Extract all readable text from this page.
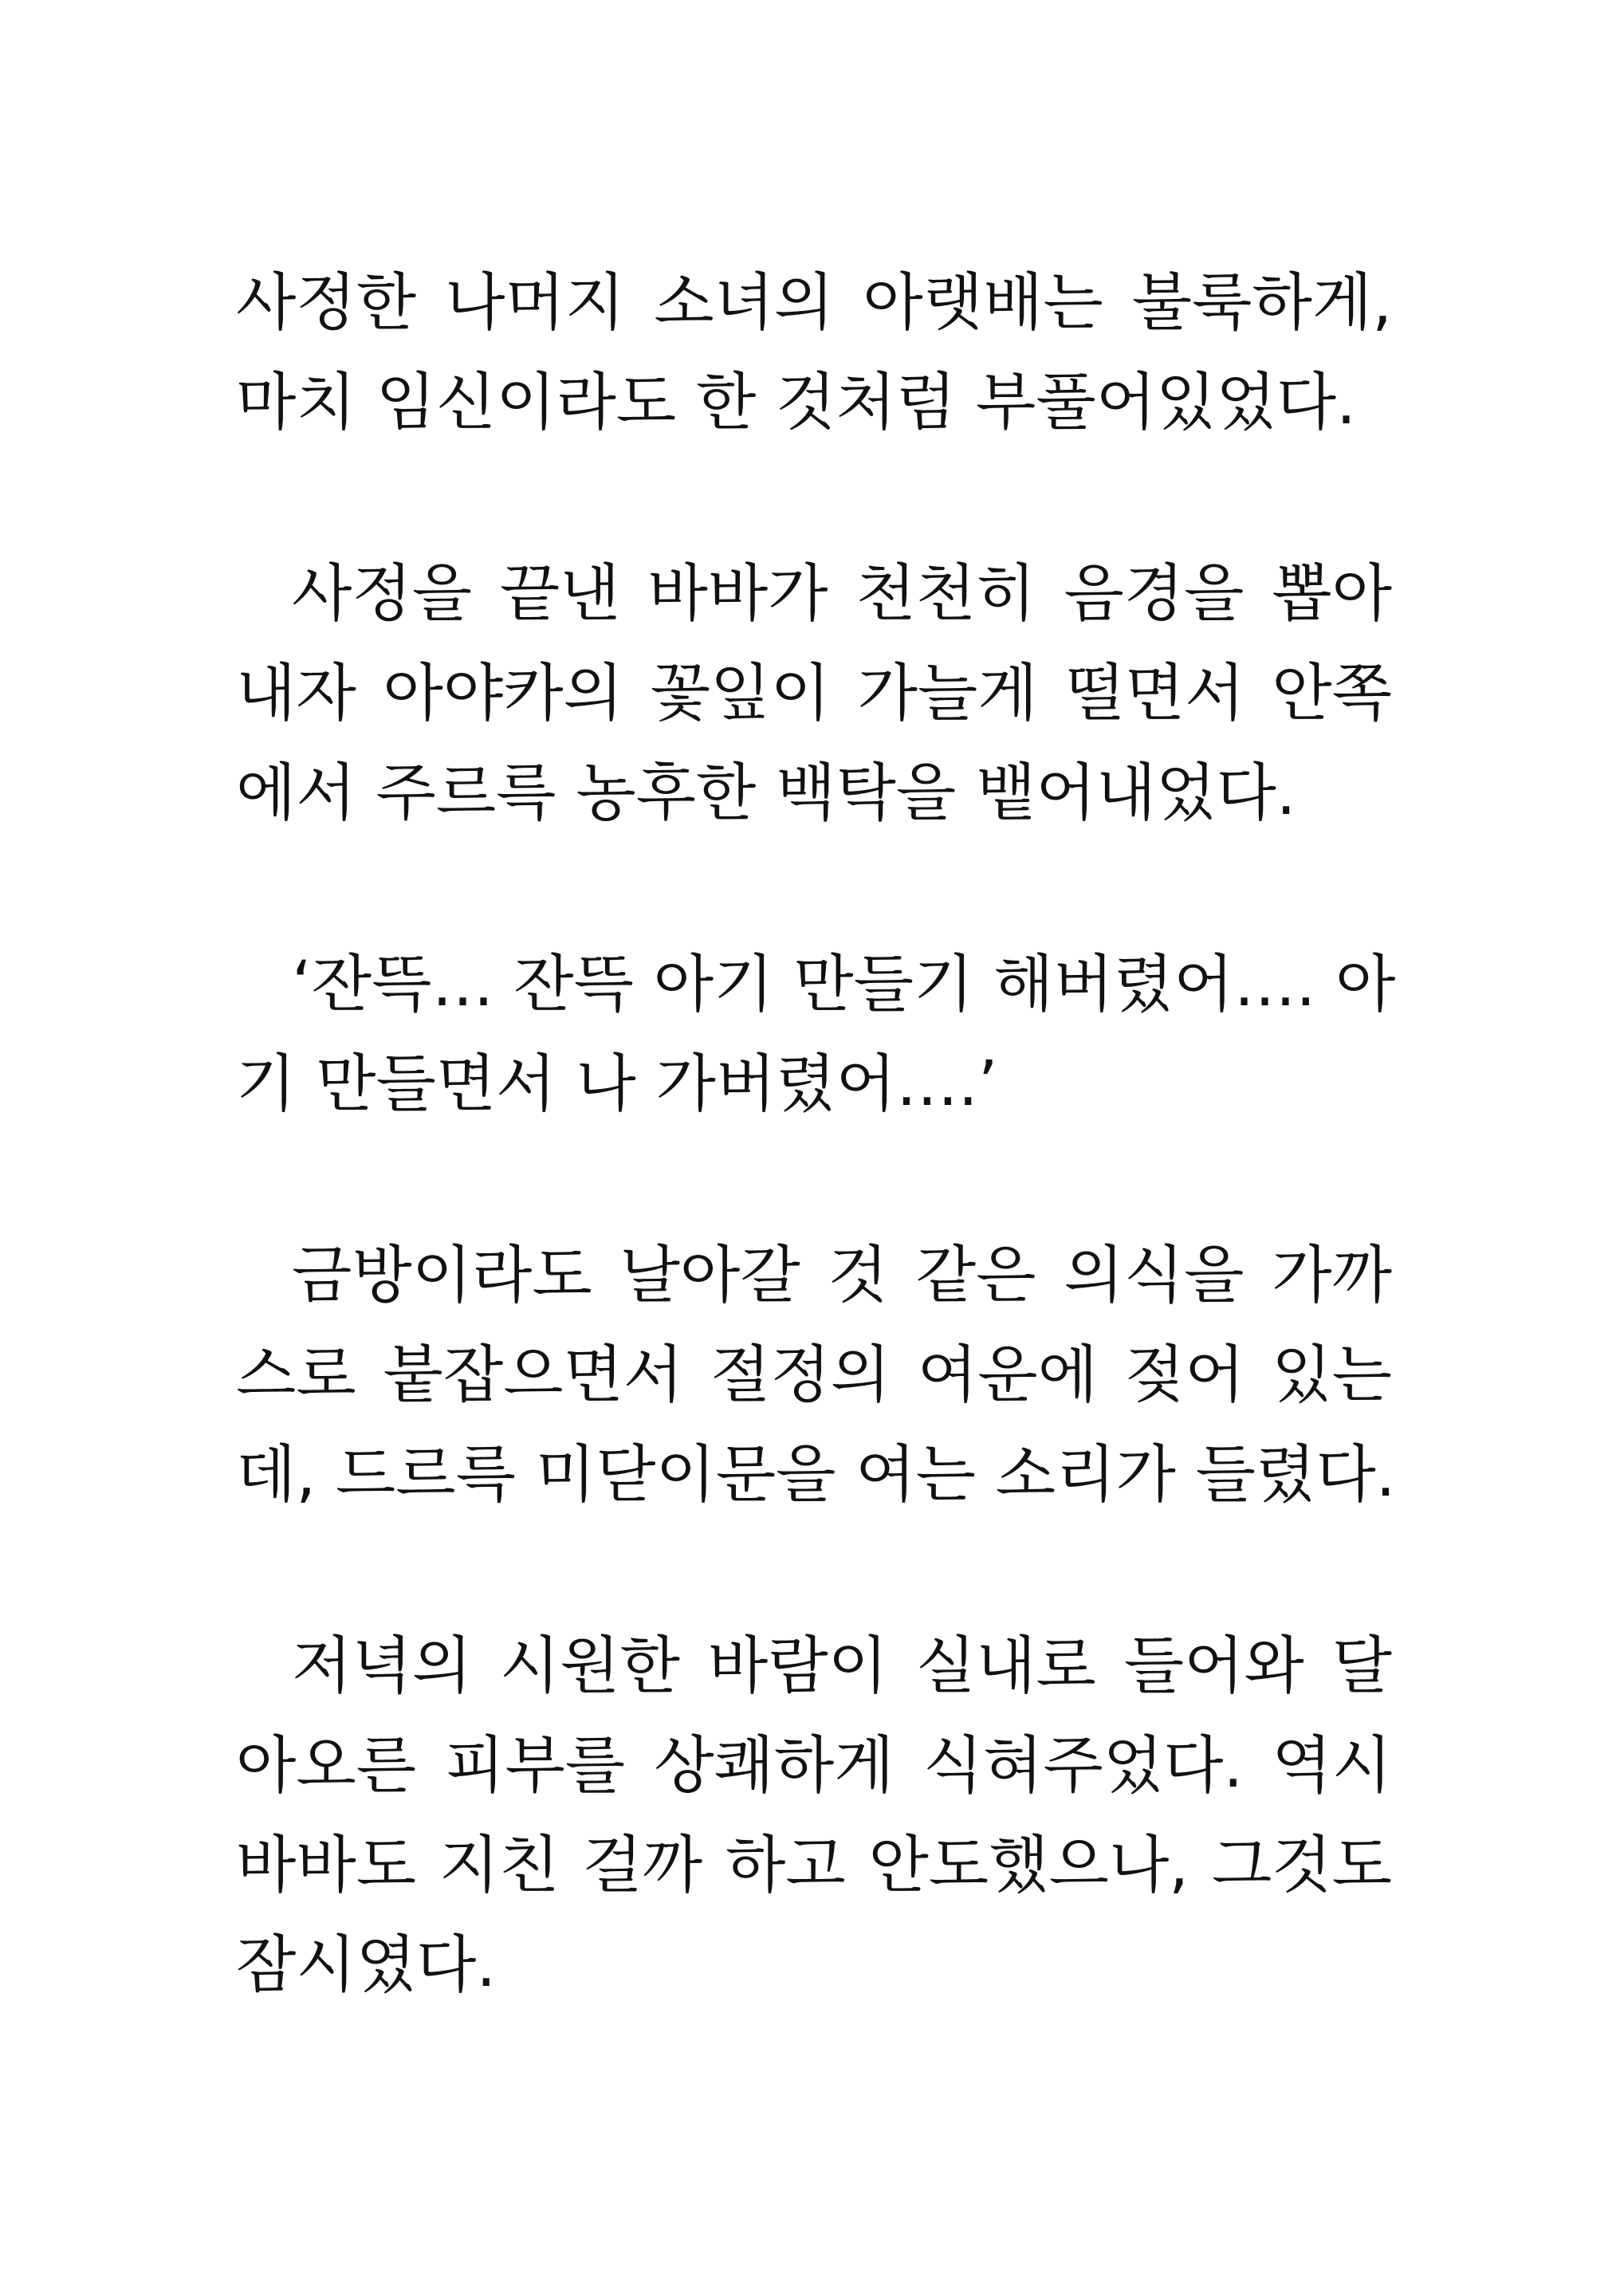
사정한 나머지 소녀의 아랫배는 불룩하게,
마치 임신이라도 한 것처럼 부풀어있었다.
사정을 끝낸 바바가 천천히 음경을 뽑아
내자 아야카의 꽃잎이 가늘게 떨면서 안쪽
에서 주르륵 농후한 백탁을 뱉어내었다.
‘잔뜩… 잔뜩 아기 만들기 해버렸어…. 아
기 만들면서 나 가버렸어….’
금방이라도 날아갈 것 같은 의식을 가까
스로 붙잡으면서 절정의 여운에 젖어 있는
데, 드르륵 미닫이문을 여는 소리가 들렸다.
저녁의 시원한 바람이 실내로 들어와 달
아오른 피부를 상쾌하게 식혀주었다. 역시
바바도 지친 걸까 하고 안도했으나, 그것도
잠시였다.
